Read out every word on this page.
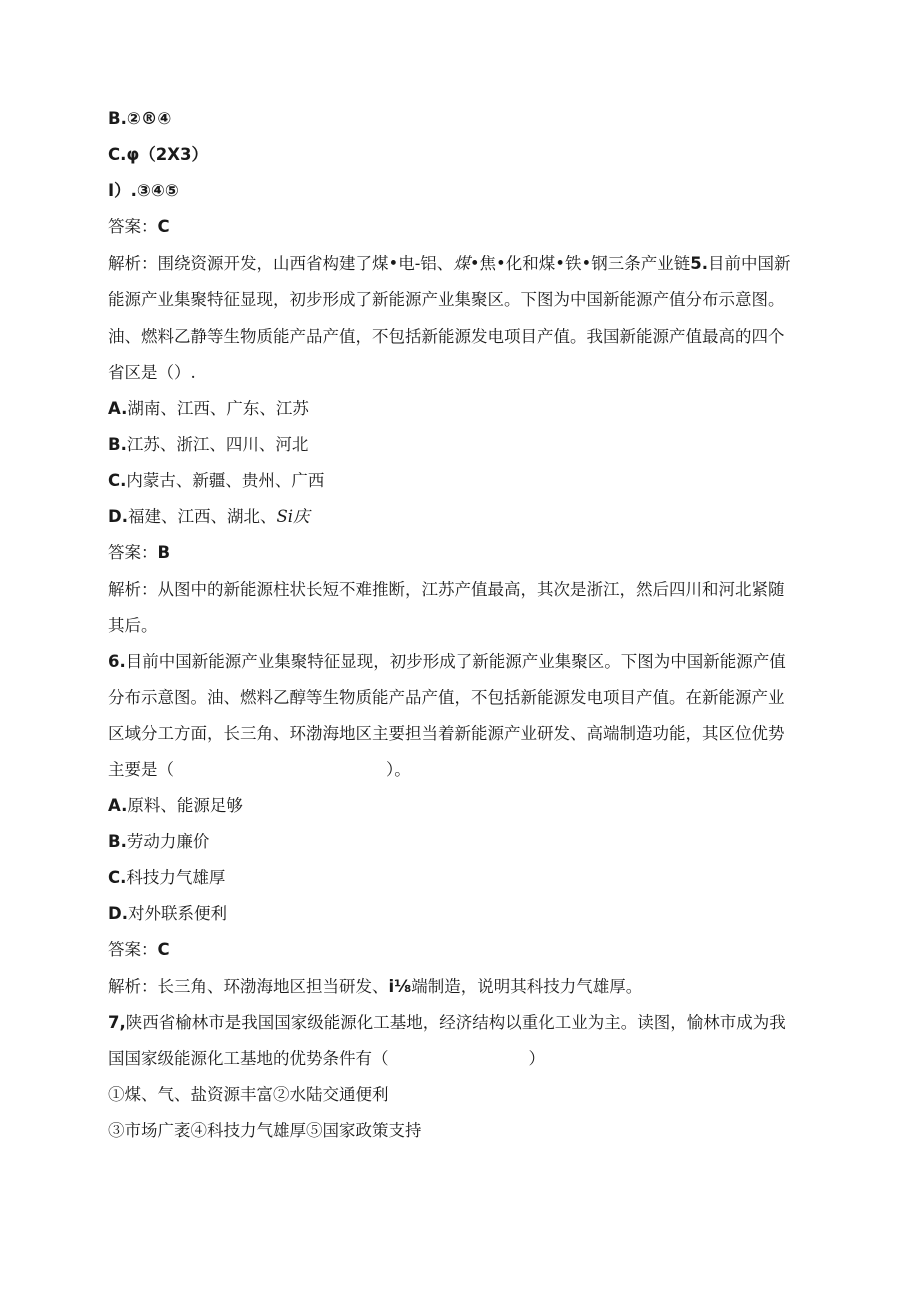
B.②®④
C.φ（2X3）
I）.③④⑤
答案：C
解析：围绕资源开发，山西省构建了煤•电-铝、煤•焦•化和煤•铁•钢三条产业链5.目前中国新
能源产业集聚特征显现，初步形成了新能源产业集聚区。下图为中国新能源产值分布示意图。
油、燃料乙静等生物质能产品产值，不包括新能源发电项目产值。我国新能源产值最高的四个
省区是（）.
A.湖南、江西、广东、江苏
B.江苏、浙江、四川、河北
C.内蒙古、新疆、贵州、广西
D.福建、江西、湖北、Si庆
答案：B
解析：从图中的新能源柱状长短不难推断，江苏产值最高，其次是浙江，然后四川和河北紧随
其后。
6.目前中国新能源产业集聚特征显现，初步形成了新能源产业集聚区。下图为中国新能源产值
分布示意图。油、燃料乙醇等生物质能产品产值，不包括新能源发电项目产值。在新能源产业
区域分工方面，长三角、环渤海地区主要担当着新能源产业研发、高端制造功能，其区位优势
主要是（	）。
A.原料、能源足够
B.劳动力廉价
C.科技力气雄厚
D.对外联系便利
答案：C
解析：长三角、环渤海地区担当研发、i⅛端制造，说明其科技力气雄厚。
7,陕西省榆林市是我国国家级能源化工基地，经济结构以重化工业为主。读图，愉林市成为我
国国家级能源化工基地的优势条件有（	）
①煤、气、盐资源丰富②水陆交通便利
③市场广袤④科技力气雄厚⑤国家政策支持
